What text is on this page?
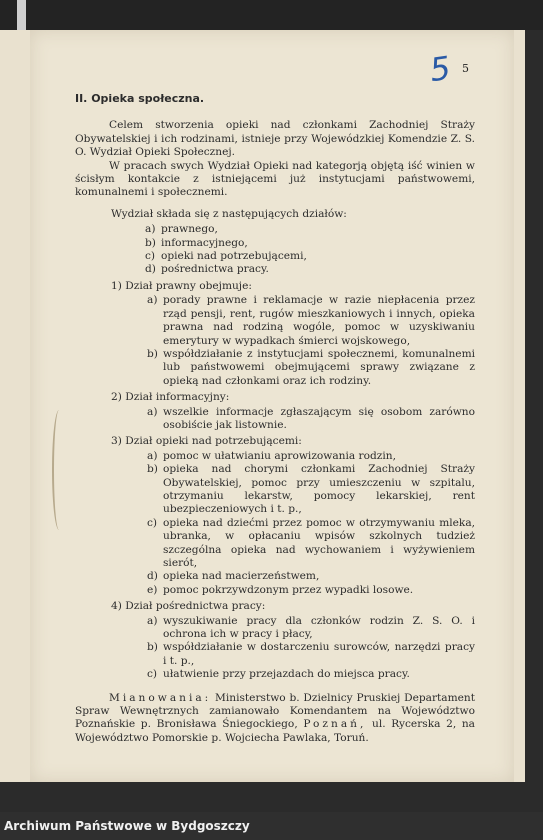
5 5
II. Opieka społeczna.

Celem stworzenia opieki nad członkami Zachodniej Straży Obywatelskiej i ich rodzinami, istnieje przy Wojewódzkiej Komendzie Z. S. O. Wydział Opieki Społecznej.

W pracach swych Wydział Opieki nad kategorją objętą iść winien w ścisłym kontakcie z istniejącemi już instytucjami państwowemi, komunalnemi i społecznemi.

Wydział składa się z następujących działów:
a) prawnego,
b) informacyjnego,
c) opieki nad potrzebującemi,
d) pośrednictwa pracy.
1) Dział prawny obejmuje:
a) porady prawne i reklamacje w razie niepłacenia przez rząd pensji, rent, rugów mieszkaniowych i innych, opieka prawna nad rodziną wogóle, pomoc w uzyskiwaniu emerytury w wypadkach śmierci wojskowego,
b) współdziałanie z instytucjami społecznemi, komunalnemi lub państwowemi obejmującemi sprawy związane z opieką nad członkami oraz ich rodziny.
2) Dział informacyjny:
a) wszelkie informacje zgłaszającym się osobom zarówno osobiście jak listownie.
3) Dział opieki nad potrzebującemi:
a) pomoc w ułatwianiu aprowizowania rodzin,
b) opieka nad chorymi członkami Zachodniej Straży Obywatelskiej, pomoc przy umieszczeniu w szpitalu, otrzymaniu lekarstw, pomocy lekarskiej, rent ubezpieczeniowych i t. p.,
c) opieka nad dziećmi przez pomoc w otrzymywaniu mleka, ubranka, w opłacaniu wpisów szkolnych tudzież szczególna opieka nad wychowaniem i wyżywieniem sierót,
d) opieka nad macierzeństwem,
e) pomoc pokrzywdzonym przez wypadki losowe.
4) Dział pośrednictwa pracy:
a) wyszukiwanie pracy dla członków rodzin Z. S. O. i ochrona ich w pracy i płacy,
b) współdziałanie w dostarczeniu surowców, narzędzi pracy i t. p.,
c) ułatwienie przy przejazdach do miejsca pracy.

Mianowania: Ministerstwo b. Dzielnicy Pruskiej Departament Spraw Wewnętrznych zamianowało Komendantem na Województwo Poznańskie p. Bronisława Śniegockiego, Poznań, ul. Rycerska 2, na Województwo Pomorskie p. Wojciecha Pawlaka, Toruń.

Archiwum Państwowe w Bydgoszczy
